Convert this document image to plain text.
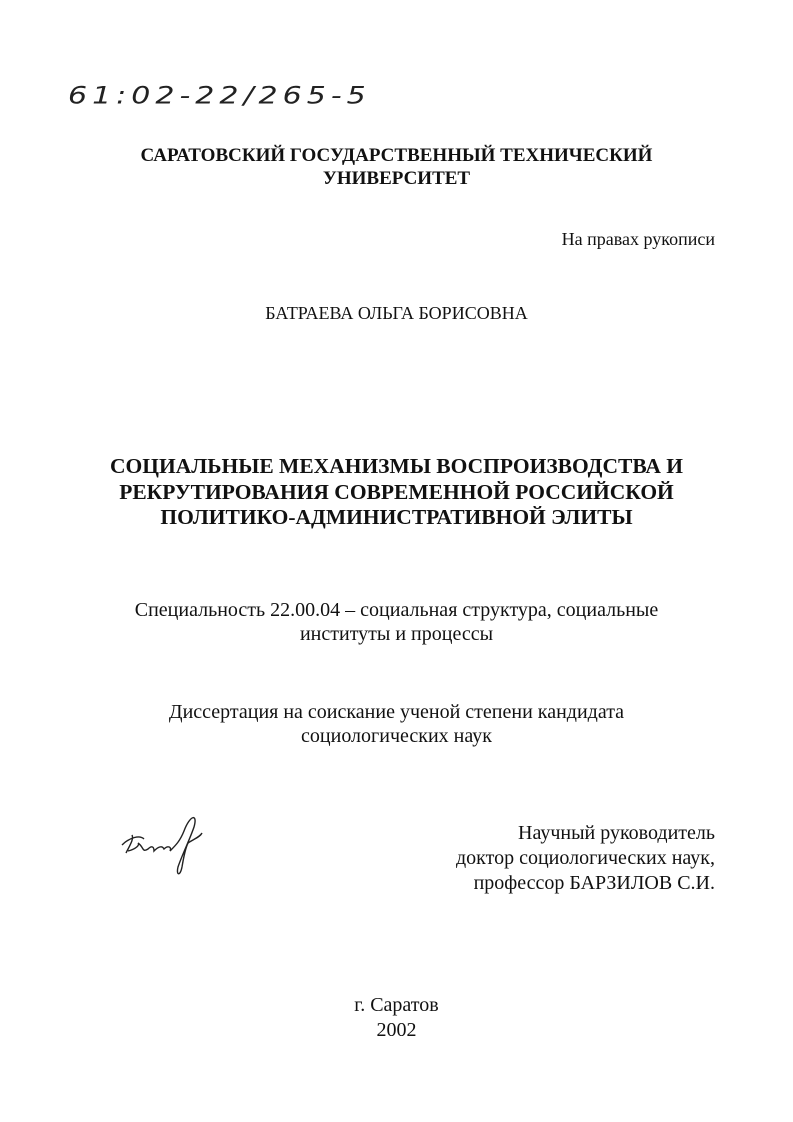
61:02-22/265-5
САРАТОВСКИЙ ГОСУДАРСТВЕННЫЙ ТЕХНИЧЕСКИЙ
УНИВЕРСИТЕТ
На правах рукописи
БАТРАЕВА ОЛЬГА БОРИСОВНА
СОЦИАЛЬНЫЕ МЕХАНИЗМЫ ВОСПРОИЗВОДСТВА И
РЕКРУТИРОВАНИЯ СОВРЕМЕННОЙ РОССИЙСКОЙ
ПОЛИТИКО-АДМИНИСТРАТИВНОЙ ЭЛИТЫ
Специальность 22.00.04 – социальная структура, социальные
институты и процессы
Диссертация на соискание ученой степени кандидата
социологических наук
Научный руководитель
доктор социологических наук,
профессор БАРЗИЛОВ С.И.
г. Саратов
2002
